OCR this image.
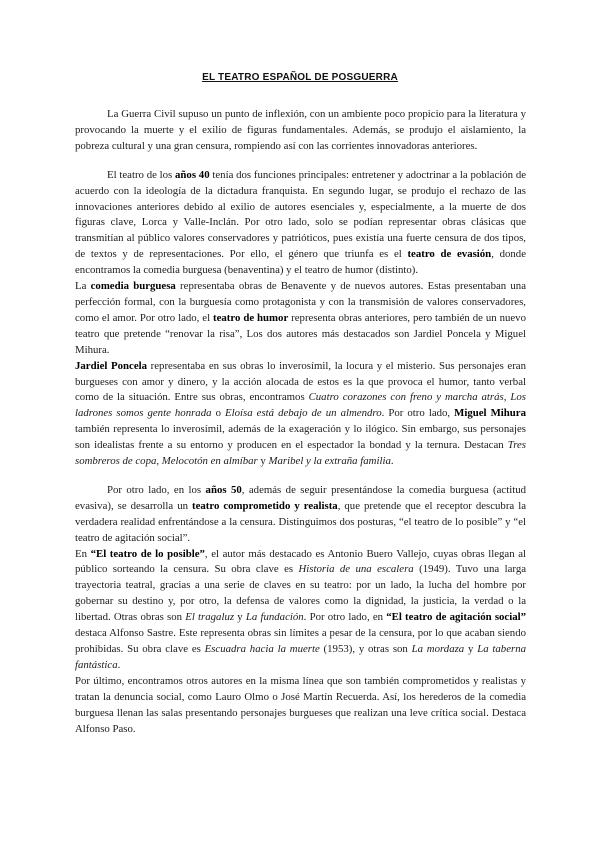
EL TEATRO ESPAÑOL DE POSGUERRA

La Guerra Civil supuso un punto de inflexión, con un ambiente poco propicio para la literatura y provocando la muerte y el exilio de figuras fundamentales. Además, se produjo el aislamiento, la pobreza cultural y una gran censura, rompiendo así con las corrientes innovadoras anteriores.

El teatro de los años 40 tenía dos funciones principales: entretener y adoctrinar a la población de acuerdo con la ideología de la dictadura franquista. En segundo lugar, se produjo el rechazo de las innovaciones anteriores debido al exilio de autores esenciales y, especialmente, a la muerte de dos figuras clave, Lorca y Valle-Inclán. Por otro lado, solo se podían representar obras clásicas que transmitían al público valores conservadores y patrióticos, pues existía una fuerte censura de dos tipos, de textos y de representaciones. Por ello, el género que triunfa es el teatro de evasión, donde encontramos la comedia burguesa (benaventina) y el teatro de humor (distinto).

La comedia burguesa representaba obras de Benavente y de nuevos autores. Estas presentaban una perfección formal, con la burguesía como protagonista y con la transmisión de valores conservadores, como el amor. Por otro lado, el teatro de humor representa obras anteriores, pero también de un nuevo teatro que pretende “renovar la risa”, Los dos autores más destacados son Jardiel Poncela y Miguel Mihura.

Jardiel Poncela representaba en sus obras lo inverosímil, la locura y el misterio. Sus personajes eran burgueses con amor y dinero, y la acción alocada de estos es la que provoca el humor, tanto verbal como de la situación. Entre sus obras, encontramos Cuatro corazones con freno y marcha atrás, Los ladrones somos gente honrada o Eloísa está debajo de un almendro. Por otro lado, Miguel Mihura también representa lo inverosímil, además de la exageración y lo ilógico. Sin embargo, sus personajes son idealistas frente a su entorno y producen en el espectador la bondad y la ternura. Destacan Tres sombreros de copa, Melocotón en almíbar y Maribel y la extraña familia.

Por otro lado, en los años 50, además de seguir presentándose la comedia burguesa (actitud evasiva), se desarrolla un teatro comprometido y realista, que pretende que el receptor descubra la verdadera realidad enfrentándose a la censura. Distinguimos dos posturas, “el teatro de lo posible” y “el teatro de agitación social”.

En “El teatro de lo posible”, el autor más destacado es Antonio Buero Vallejo, cuyas obras llegan al público sorteando la censura. Su obra clave es Historia de una escalera (1949). Tuvo una larga trayectoria teatral, gracias a una serie de claves en su teatro: por un lado, la lucha del hombre por gobernar su destino y, por otro, la defensa de valores como la dignidad, la justicia, la verdad o la libertad. Otras obras son El tragaluz y La fundación. Por otro lado, en “El teatro de agitación social” destaca Alfonso Sastre. Este representa obras sin límites a pesar de la censura, por lo que acaban siendo prohibidas. Su obra clave es Escuadra hacia la muerte (1953), y otras son La mordaza y La taberna fantástica.

Por último, encontramos otros autores en la misma línea que son también comprometidos y realistas y tratan la denuncia social, como Lauro Olmo o José Martín Recuerda. Así, los herederos de la comedia burguesa llenan las salas presentando personajes burgueses que realizan una leve crítica social. Destaca Alfonso Paso.
